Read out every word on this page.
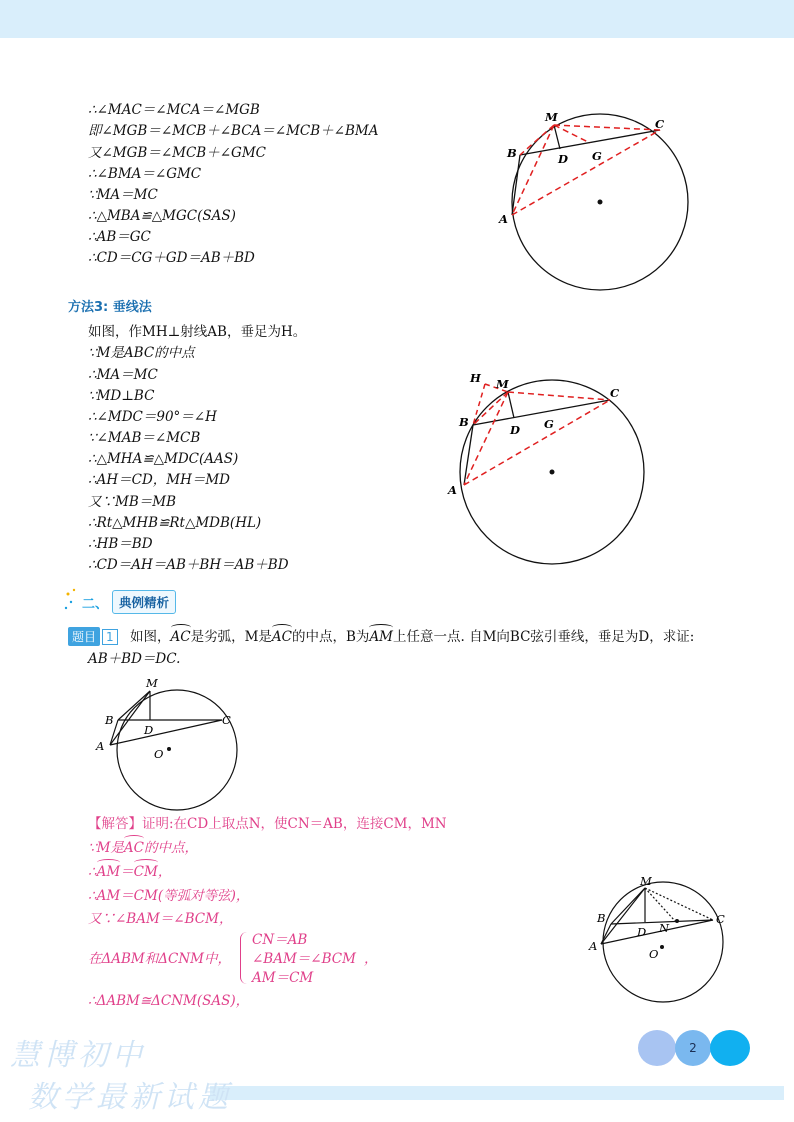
∴∠MAC＝∠MCA＝∠MGB
即∠MGB＝∠MCB＋∠BCA＝∠MCB＋∠BMA
又∠MGB＝∠MCB＋∠GMC
∴∠BMA＝∠GMC
∵MA＝MC
∴△MBA≌△MGC(SAS)
∴AB＝GC
∴CD＝CG＋GD＝AB＋BD
M
B
C
D G
A
方法3: 垂线法
如图，作MH⊥射线AB，垂足为H。
∵M是ABC的中点
∴MA＝MC
∵MD⊥BC
∴∠MDC＝90°＝∠H
∵∠MAB＝∠MCB
∴△MHA≌△MDC(AAS)
∴AH＝CD，MH＝MD
又∵MB＝MB
∴Rt△MHB≌Rt△MDB(HL)
∴HB＝BD
∴CD＝AH＝AB＋BH＝AB＋BD
H M
B
C
D G
A
二、 典例精析
题目 1 如图，AC是劣弧，M是AC的中点，B为AM上任意一点. 自M向BC弦引垂线，垂足为D，求证:
AB＋BD＝DC.
M
B	C
D
A
O
【解答】证明:在CD上取点N，使CN＝AB，连接CM，MN
∵M是AC的中点，
∴AM＝CM，
∴AM＝CM(等弧对等弦)，
又∵∠BAM＝∠BCM，
在ΔABM和ΔCNM中，
CN＝AB
∠BAM＝∠BCM
AM＝CM
，
∴ΔABM≅ΔCNM(SAS)，
M
B	C
N
D
A
O
2
慧博初中
数学最新试题
